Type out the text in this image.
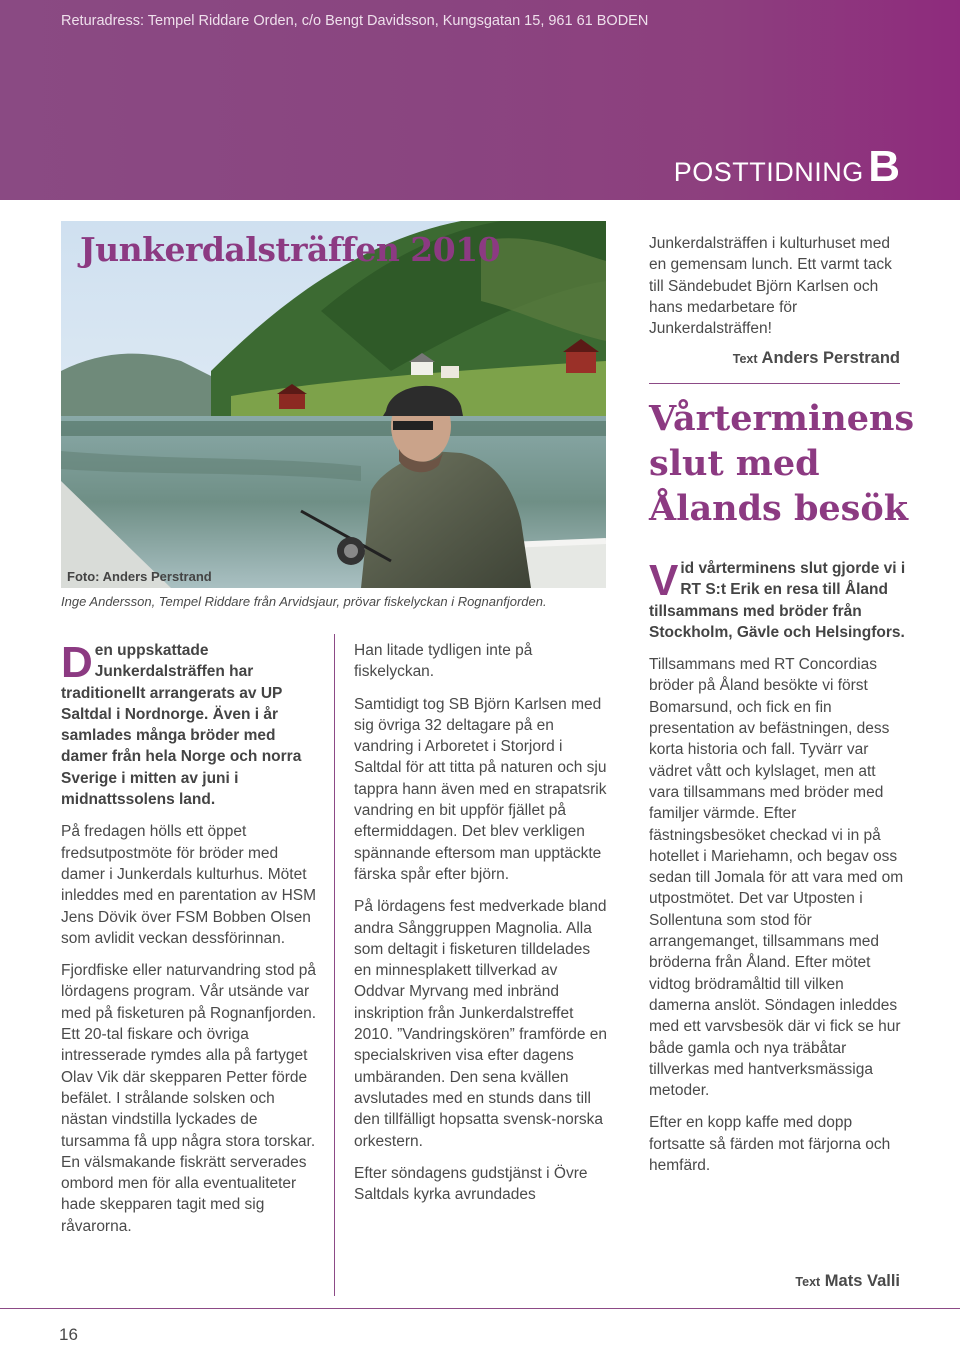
Returadress: Tempel Riddare Orden, c/o Bengt Davidsson, Kungsgatan 15, 961 61 BODEN
POSTTIDNING B
Junkerdalsträffen 2010
Foto: Anders Perstrand
Inge Andersson, Tempel Riddare från Arvidsjaur, prövar fiskelyckan i Rognanfjorden.

Den uppskattade Junkerdalsträffen har traditionellt arrangerats av UP Saltdal i Nordnorge. Även i år samlades många bröder med damer från hela Norge och norra Sverige i mitten av juni i midnattssolens land.

På fredagen hölls ett öppet fredsutpostmöte för bröder med damer i Junkerdals kulturhus. Mötet inleddes med en parentation av HSM Jens Dövik över FSM Bobben Olsen som avlidit veckan dessförinnan.

Fjordfiske eller naturvandring stod på lördagens program. Vår utsände var med på fisketuren på Rognanfjorden. Ett 20-tal fiskare och övriga intresserade rymdes alla på fartyget Olav Vik där skepparen Petter förde befälet. I strålande solsken och nästan vindstilla lyckades de tursamma få upp några stora torskar. En välsmakande fiskrätt serverades ombord men för alla eventualiteter hade skepparen tagit med sig råvarorna.

Han litade tydligen inte på fiskelyckan.

Samtidigt tog SB Björn Karlsen med sig övriga 32 deltagare på en vandring i Arboretet i Storjord i Saltdal för att titta på naturen och sju tappra hann även med en strapatsrik vandring en bit uppför fjället på eftermiddagen. Det blev verkligen spännande eftersom man upptäckte färska spår efter björn.

På lördagens fest medverkade bland andra Sånggruppen Magnolia. Alla som deltagit i fisketuren tilldelades en minnesplakett tillverkad av Oddvar Myrvang med inbränd inskription från Junkerdalstreffet 2010. ”Vandringskören” framförde en specialskriven visa efter dagens umbäranden. Den sena kvällen avslutades med en stunds dans till den tillfälligt hopsatta svensk-norska orkestern.

Efter söndagens gudstjänst i Övre Saltdals kyrka avrundades

Junkerdalsträffen i kulturhuset med en gemensam lunch. Ett varmt tack till Sändebudet Björn Karlsen och hans medarbetare för Junkerdalsträffen!

Text Anders Perstrand
Vårterminens slut med Ålands besök

Vid vårterminens slut gjorde vi i RT S:t Erik en resa till Åland tillsammans med bröder från Stockholm, Gävle och Helsingfors.

Tillsammans med RT Concordias bröder på Åland besökte vi först Bomarsund, och fick en fin presentation av befästningen, dess korta historia och fall. Tyvärr var vädret vått och kylslaget, men att vara tillsammans med bröder med familjer värmde. Efter fästningsbesöket checkad vi in på hotellet i Mariehamn, och begav oss sedan till Jomala för att vara med om utpostmötet. Det var Utposten i Sollentuna som stod för arrangemanget, tillsammans med bröderna från Åland. Efter mötet vidtog brödramåltid till vilken damerna anslöt. Söndagen inleddes med ett varvsbesök där vi fick se hur både gamla och nya träbåtar tillverkas med hantverksmässiga metoder.

Efter en kopp kaffe med dopp fortsatte så färden mot färjorna och hemfärd.

Text Mats Valli
16
